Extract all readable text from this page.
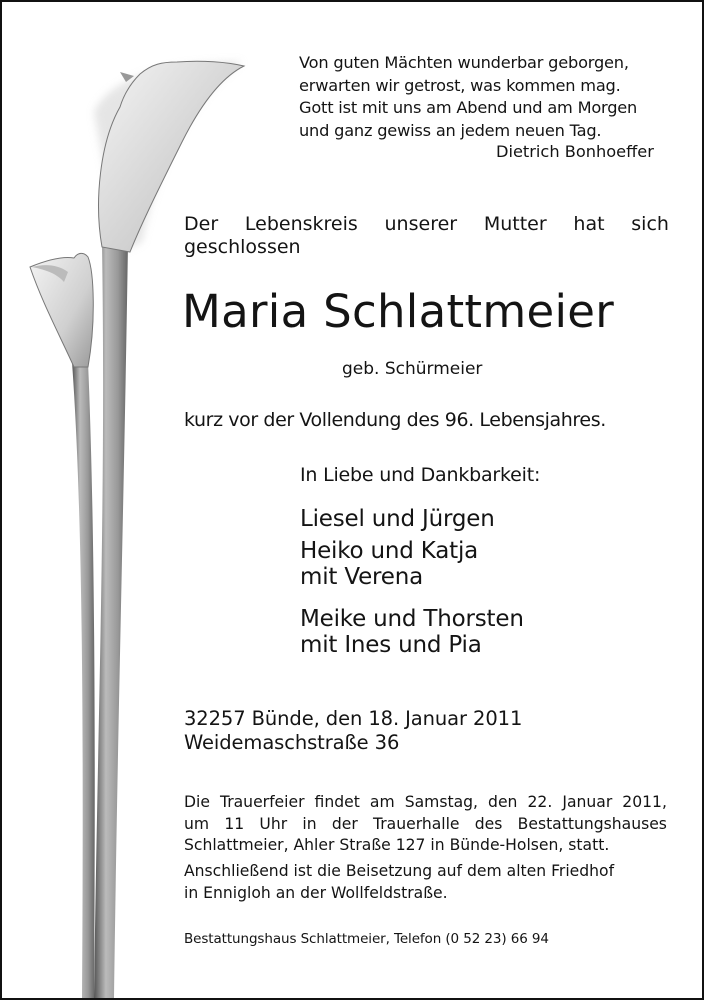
Von guten Mächten wunderbar geborgen,
erwarten wir getrost, was kommen mag.
Gott ist mit uns am Abend und am Morgen
und ganz gewiss an jedem neuen Tag.
Dietrich Bonhoeffer
Der Lebenskreis unserer Mutter hat sich
geschlossen
Maria Schlattmeier
geb. Schürmeier
kurz vor der Vollendung des 96. Lebensjahres.
In Liebe und Dankbarkeit:
Liesel und Jürgen
Heiko und Katja
mit Verena
Meike und Thorsten
mit Ines und Pia
32257 Bünde, den 18. Januar 2011
Weidemaschstraße 36
Die Trauerfeier findet am Samstag, den 22. Januar 2011,
um 11 Uhr in der Trauerhalle des Bestattungshauses
Schlattmeier, Ahler Straße 127 in Bünde-Holsen, statt.
Anschließend ist die Beisetzung auf dem alten Friedhof
in Ennigloh an der Wollfeldstraße.
Bestattungshaus Schlattmeier, Telefon (0 52 23) 66 94
